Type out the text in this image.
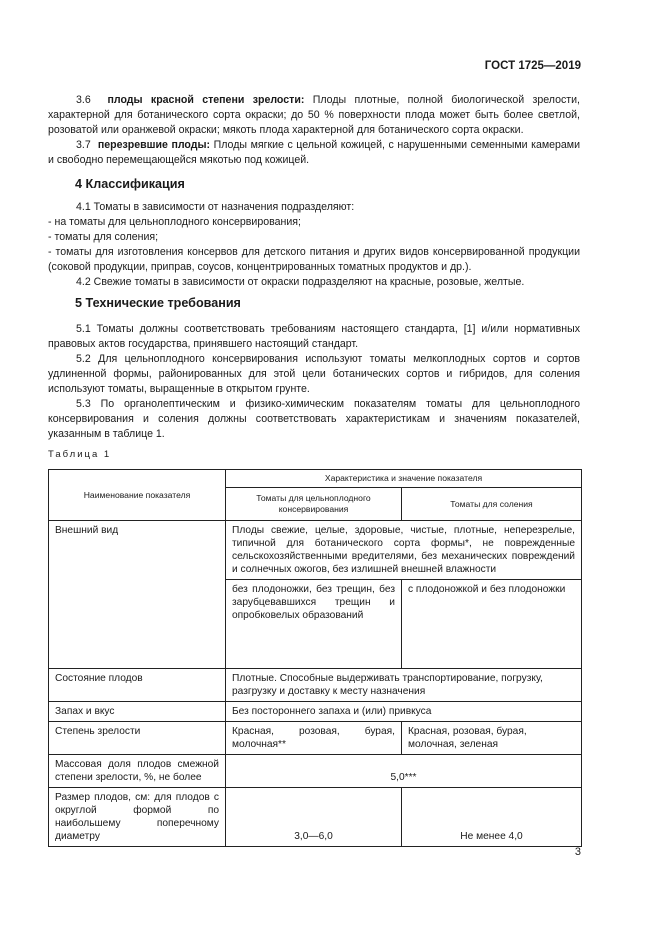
ГОСТ 1725—2019

3.6 плоды красной степени зрелости: Плоды плотные, полной биологической зрелости, характерной для ботанического сорта окраски; до 50 % поверхности плода может быть более светлой, розоватой или оранжевой окраски; мякоть плода характерной для ботанического сорта окраски.

3.7 перезревшие плоды: Плоды мягкие с цельной кожицей, с нарушенными семенными камерами и свободно перемещающейся мякотью под кожицей.

4 Классификация

4.1 Томаты в зависимости от назначения подразделяют:

- на томаты для цельноплодного консервирования;

- томаты для соления;

- томаты для изготовления консервов для детского питания и других видов консервированной продукции (соковой продукции, приправ, соусов, концентрированных томатных продуктов и др.).

4.2 Свежие томаты в зависимости от окраски подразделяют на красные, розовые, желтые.

5 Технические требования

5.1 Томаты должны соответствовать требованиям настоящего стандарта, [1] и/или нормативных правовых актов государства, принявшего настоящий стандарт.

5.2 Для цельноплодного консервирования используют томаты мелкоплодных сортов и сортов удлиненной формы, районированных для этой цели ботанических сортов и гибридов, для соления используют томаты, выращенные в открытом грунте.

5.3 По органолептическим и физико-химическим показателям томаты для цельноплодного консервирования и соления должны соответствовать характеристикам и значениям показателей, указанным в таблице 1.

Таблица 1
Наименование показателя	Характеристика и значение показателя	
	Томаты для цельноплодного консервирования	Томаты для соления
Внешний вид	Плоды свежие, целые, здоровые, чистые, плотные, неперезрелые, типичной для ботанического сорта формы*, не поврежденные сельскохозяйственными вредителями, без механических повреждений и солнечных ожогов, без излишней внешней влажности	
	без плодоножки, без трещин, без зарубцевавшихся трещин и опробковелых образований	с плодоножкой и без плодоножки
Состояние плодов	Плотные. Способные выдерживать транспортирование, погрузку, разгрузку и доставку к месту назначения	
Запах и вкус	Без постороннего запаха и (или) привкуса	
Степень зрелости	Красная, розовая, бурая, молочная**	Красная, розовая, бурая, молочная, зеленая
Массовая доля плодов смежной степени зрелости, %, не более	5,0***	
Размер плодов, см: для плодов с округлой формой по наибольшему поперечному диаметру	3,0—6,0	Не менее 4,0
3
